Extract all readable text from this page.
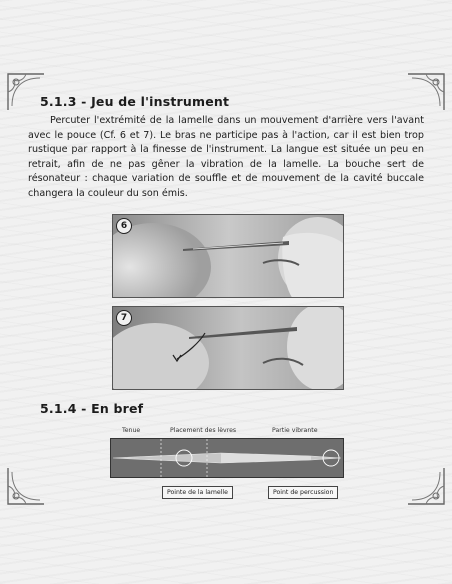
5.1.3 - Jeu de l'instrument
Percuter l'extrémité de la lamelle dans un mouvement d'arrière vers l'avant avec le pouce (Cf. 6 et 7). Le bras ne participe pas à l'action, car il est bien trop rustique par rapport à la finesse de l'instrument. La langue est située un peu en retrait, afin de ne pas gêner la vibration de la lamelle. La bouche sert de résonateur : chaque variation de souffle et de mouvement de la cavité buccale changera la couleur du son émis.
6
7
5.1.4 - En bref
Tenue	Placement des lèvres	Partie vibrante
Pointe de la lamelle	Point de percussion
